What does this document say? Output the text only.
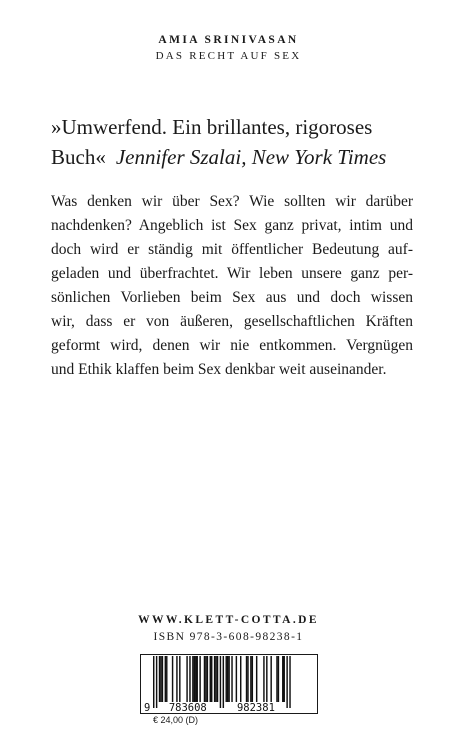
AMIA SRINIVASAN
DAS RECHT AUF SEX
»Umwerfend. Ein brillantes, rigoroses
Buch« Jennifer Szalai, New York Times
Was denken wir über Sex? Wie sollten wir darüber
nachdenken? Angeblich ist Sex ganz privat, intim und
doch wird er ständig mit öffentlicher Bedeutung auf-
geladen und überfrachtet. Wir leben unsere ganz per-
sönlichen Vorlieben beim Sex aus und doch wissen
wir, dass er von äußeren, gesellschaftlichen Kräften
geformt wird, denen wir nie entkommen. Vergnügen
und Ethik klaffen beim Sex denkbar weit auseinander.
WWW.KLETT-COTTA.DE
ISBN 978-3-608-98238-1
9 783608	982381
€ 24,00 (D)
